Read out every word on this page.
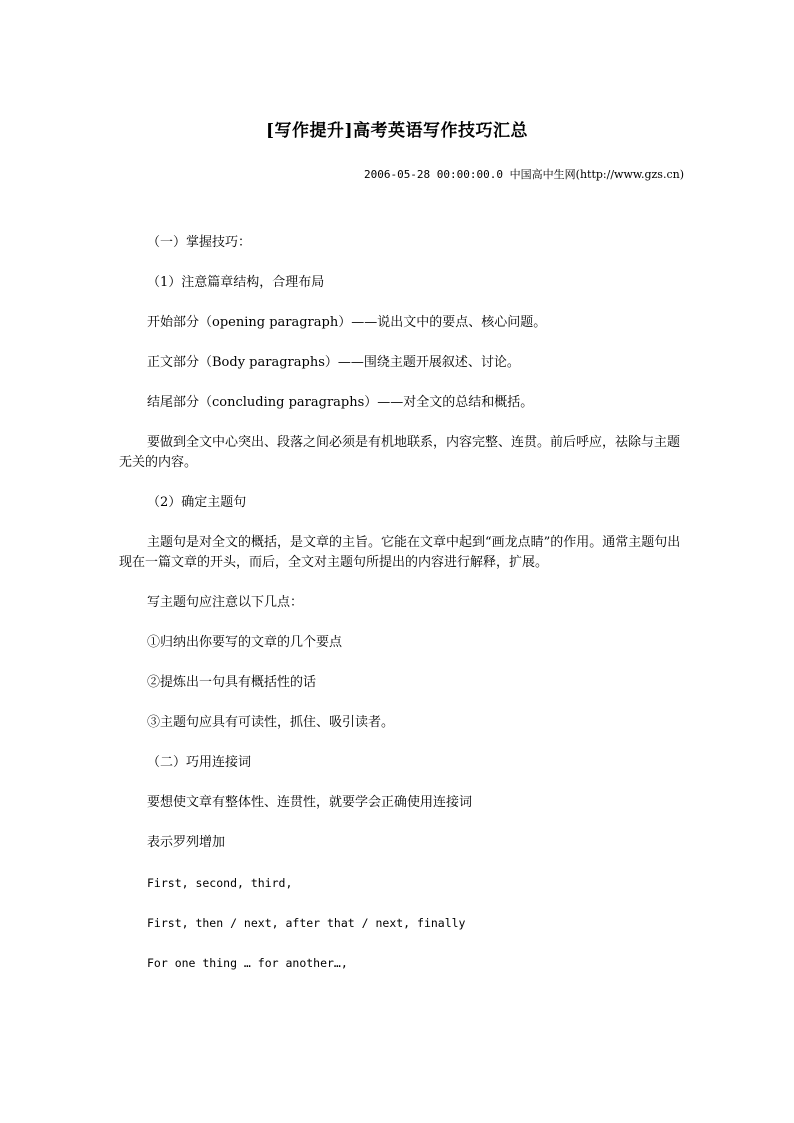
[写作提升]高考英语写作技巧汇总
2006-05-28 00:00:00.0 中国高中生网(http://www.gzs.cn)

（一）掌握技巧：

（1）注意篇章结构，合理布局

开始部分（opening paragraph）——说出文中的要点、核心问题。

正文部分（Body paragraphs）——围绕主题开展叙述、讨论。

结尾部分（concluding paragraphs）——对全文的总结和概括。

要做到全文中心突出、段落之间必须是有机地联系，内容完整、连贯。前后呼应，祛除与主题无关的内容。

（2）确定主题句

主题句是对全文的概括，是文章的主旨。它能在文章中起到“画龙点睛”的作用。通常主题句出现在一篇文章的开头，而后，全文对主题句所提出的内容进行解释，扩展。

写主题句应注意以下几点：

①归纳出你要写的文章的几个要点

②提炼出一句具有概括性的话

③主题句应具有可读性，抓住、吸引读者。

（二）巧用连接词

要想使文章有整体性、连贯性，就要学会正确使用连接词

表示罗列增加

First, second, third,

First, then / next, after that / next, finally

For one thing … for another…,
